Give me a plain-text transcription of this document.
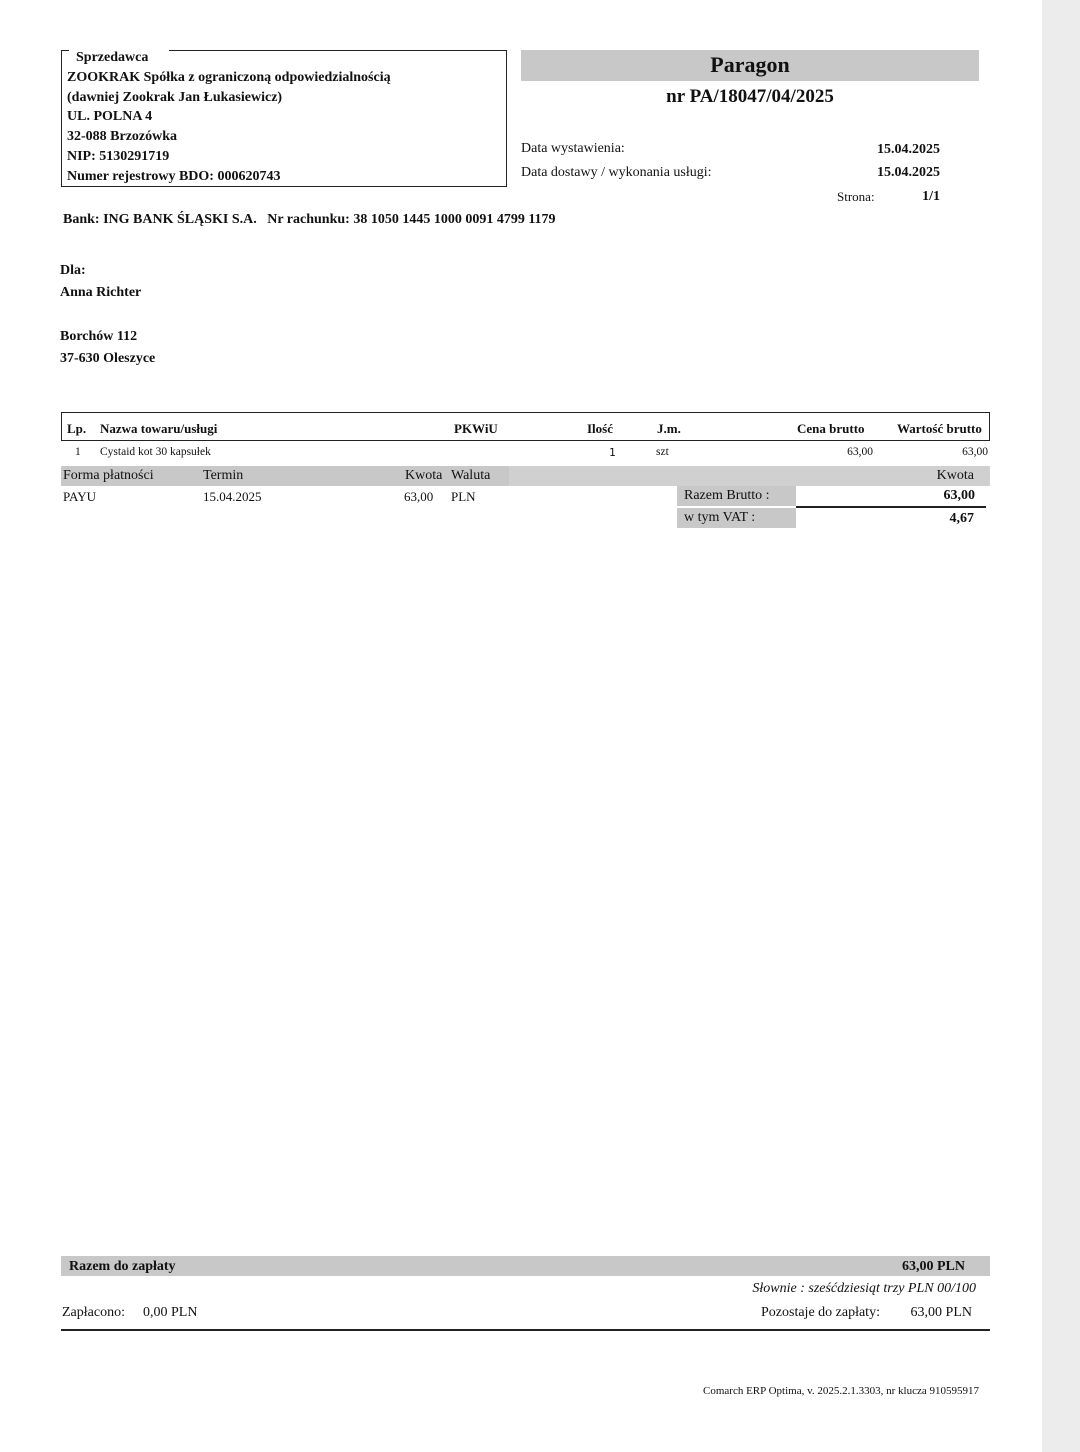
Sprzedawca
ZOOKRAK Spółka z ograniczoną odpowiedzialnością
(dawniej Zookrak Jan Łukasiewicz)
UL. POLNA 4
32-088 Brzozówka
NIP: 5130291719
Numer rejestrowy BDO: 000620743
Paragon
nr PA/18047/04/2025
Data wystawienia:	15.04.2025
Data dostawy / wykonania usługi:	15.04.2025
Strona:	1/1
Bank: ING BANK ŚLĄSKI S.A.   Nr rachunku: 38 1050 1445 1000 0091 4799 1179
Dla:
Anna Richter
Borchów 112
37-630 Oleszyce
Lp. Nazwa towaru/usługi	PKWiU	Ilość	J.m.	Cena brutto Wartość brutto
1 Cystaid kot 30 kapsułek	1	szt	63,00	63,00
Forma płatności	Termin	Kwota Waluta	Kwota
PAYU	15.04.2025	63,00 PLN	Razem Brutto :	63,00
w tym VAT :	4,67
Razem do zapłaty	63,00 PLN
Słownie : sześćdziesiąt trzy PLN 00/100
Zapłacono: 0,00 PLN	Pozostaje do zapłaty: 63,00 PLN
Comarch ERP Optima, v. 2025.2.1.3303, nr klucza 910595917
